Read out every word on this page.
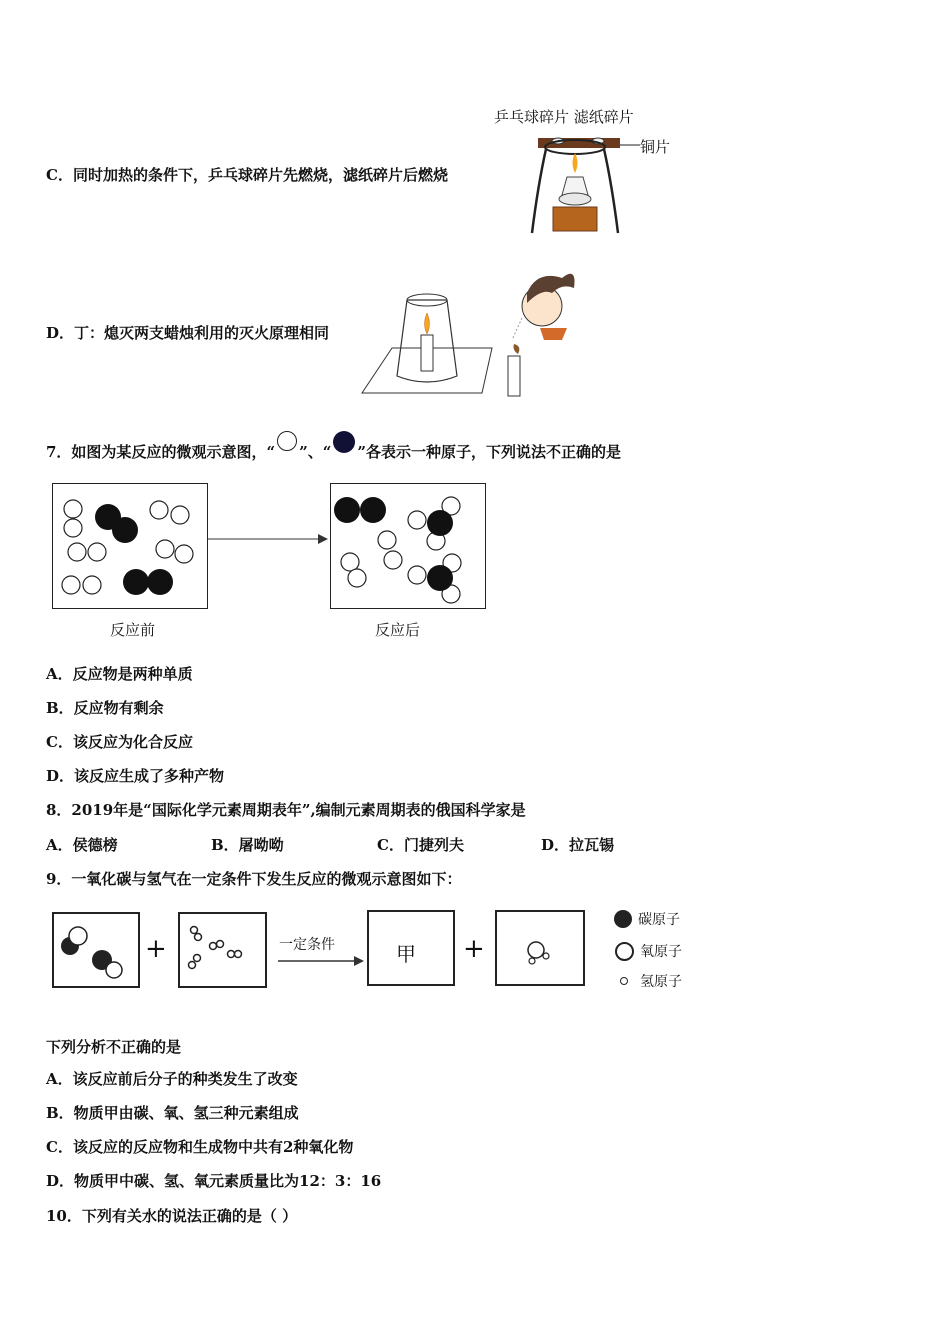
C．同时加热的条件下，乒乓球碎片先燃烧，滤纸碎片后燃烧
乒乓球碎片 滤纸碎片
铜片
D．丁：熄灭两支蜡烛利用的灭火原理相同
7．如图为某反应的微观示意图，“ ”、“ ”各表示一种原子，下列说法不正确的是
反应前	反应后
A．反应物是两种单质
B．反应物有剩余
C．该反应为化合反应
D．该反应生成了多种产物
8．2019年是“国际化学元素周期表年”,编制元素周期表的俄国科学家是
A．侯德榜	B．屠呦呦	C．门捷列夫	D．拉瓦锡
9．一氧化碳与氢气在一定条件下发生反应的微观示意图如下：
+	+
一定条件	甲
碳原子
氧原子
氢原子
下列分析不正确的是
A．该反应前后分子的种类发生了改变
B．物质甲由碳、氧、氢三种元素组成
C．该反应的反应物和生成物中共有2种氧化物
D．物质甲中碳、氢、氧元素质量比为12：3：16
10．下列有关水的说法正确的是（ ）
